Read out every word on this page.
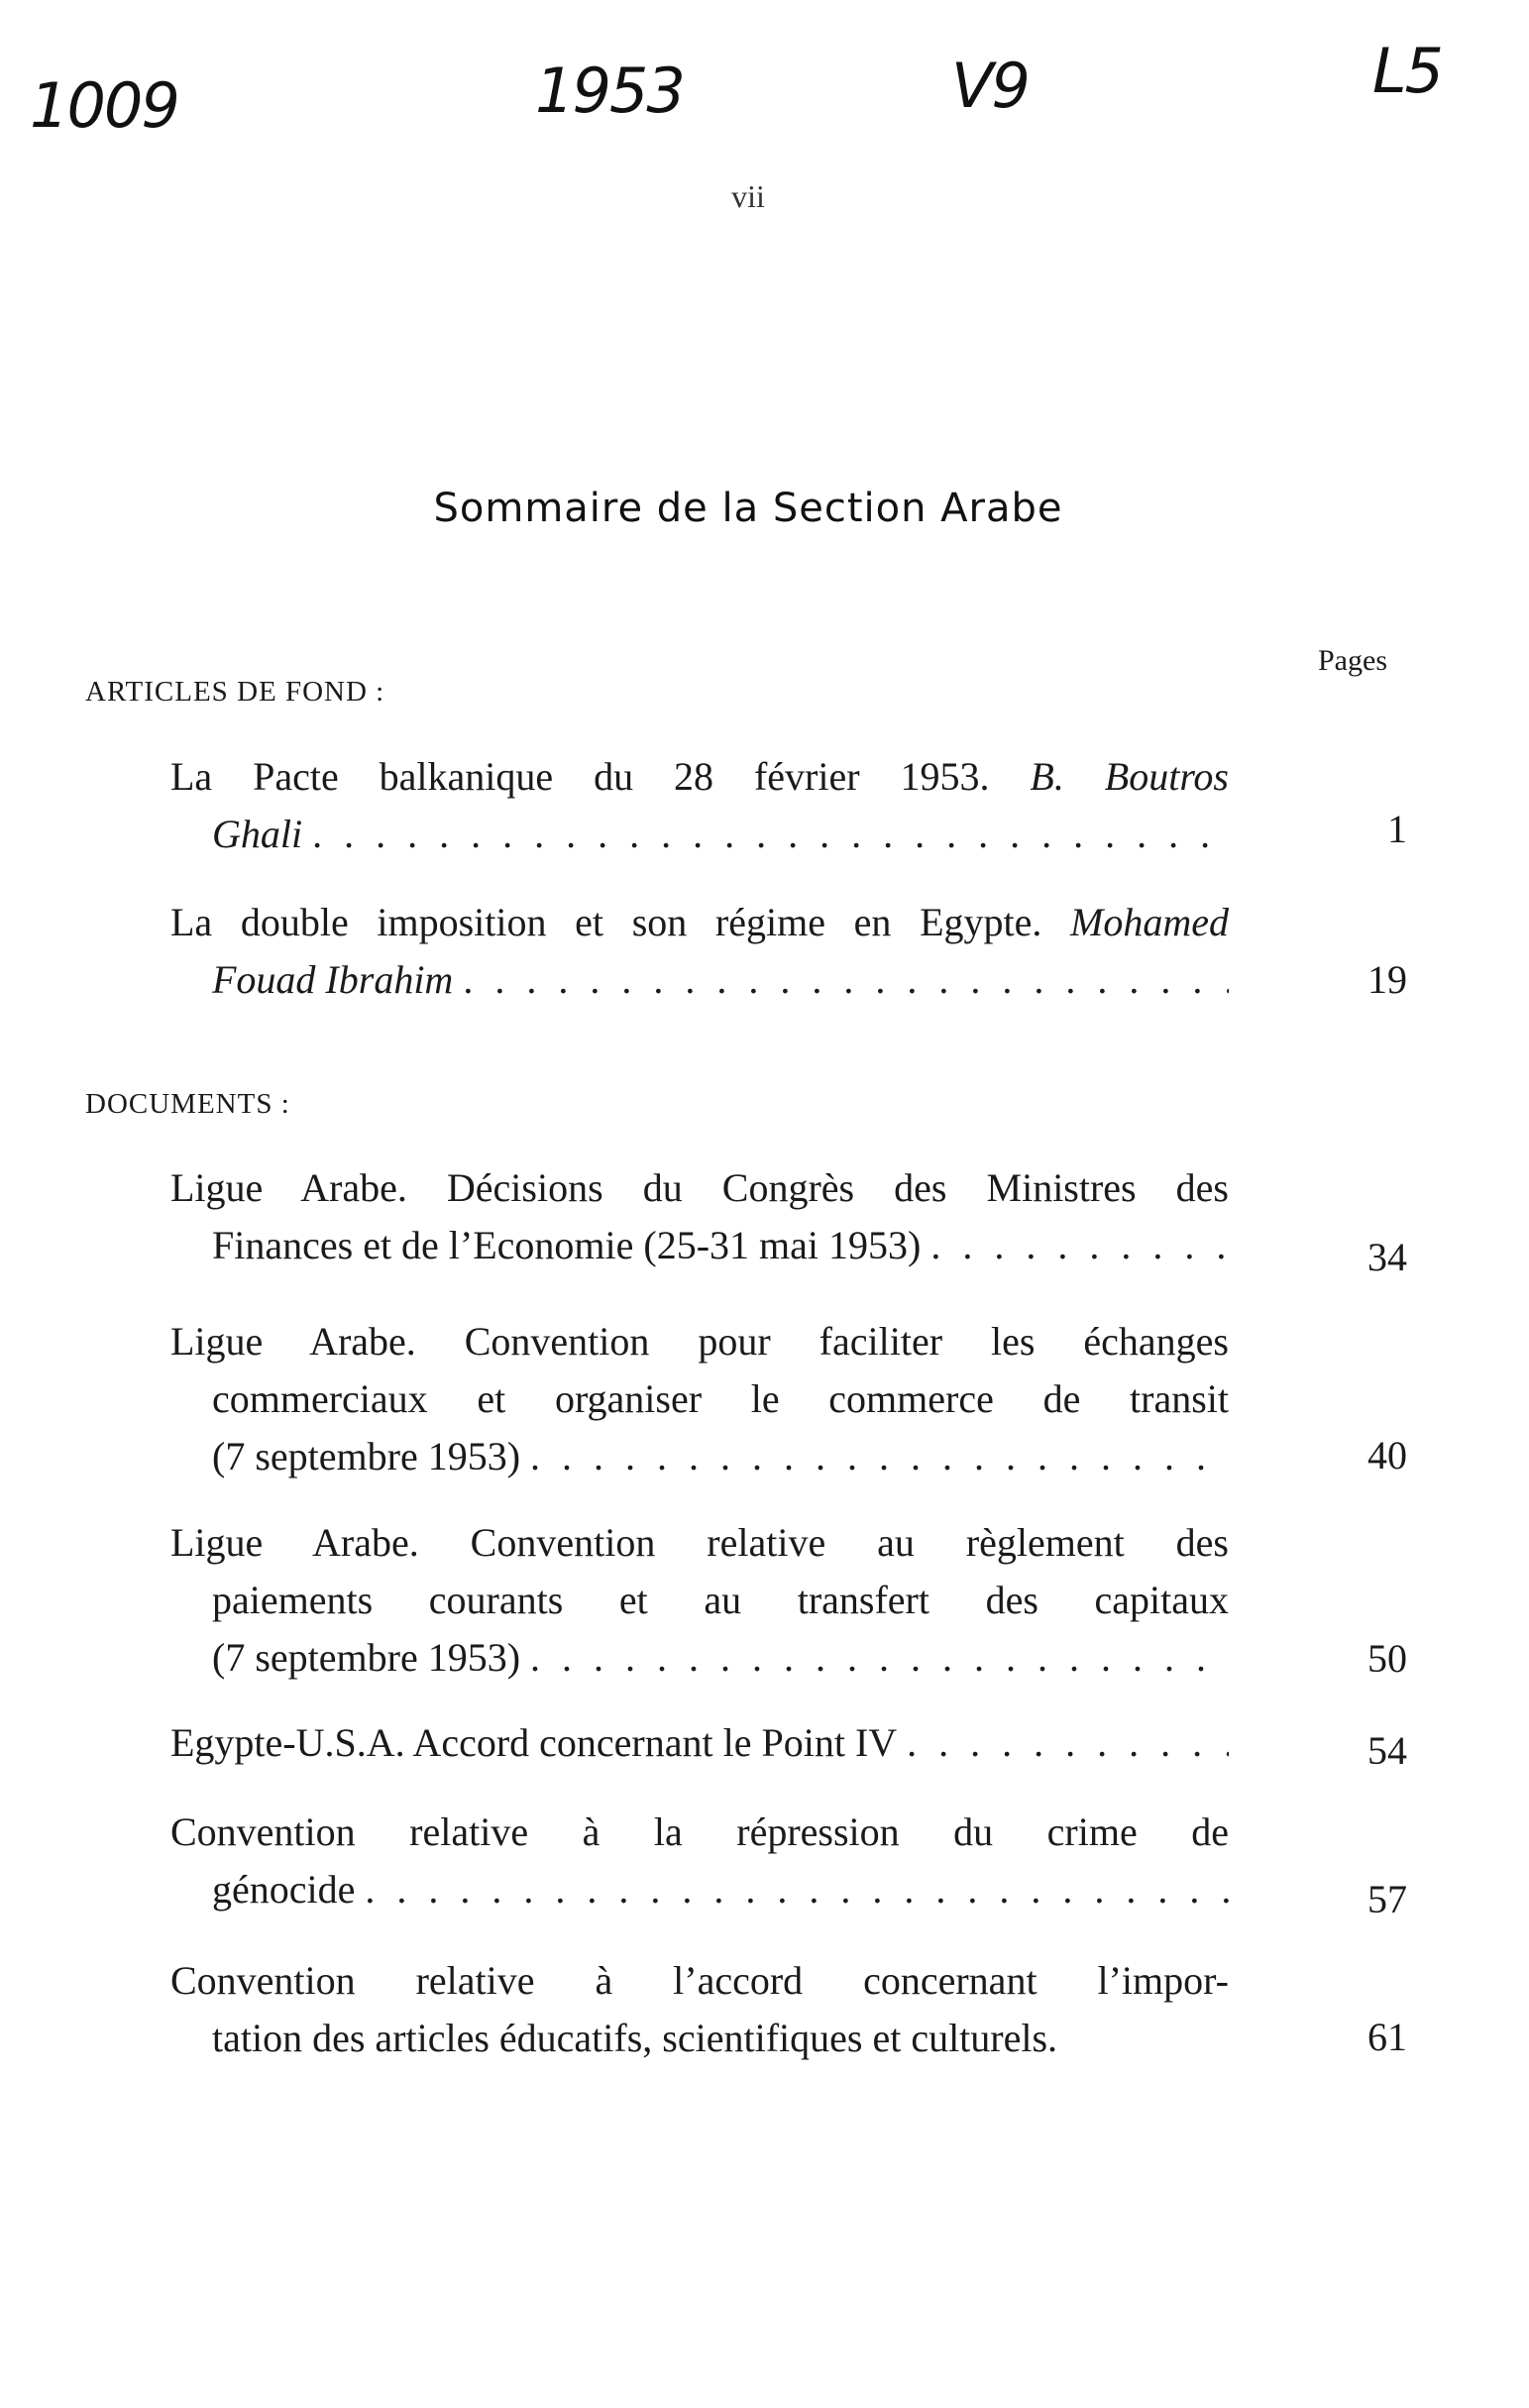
1009	1953	V9	L5
vii
Sommaire de la Section Arabe
Pages
ARTICLES DE FOND :
La Pacte balkanique du 28 février 1953. B. Boutros
Ghali . . .	1
La double imposition et son régime en Egypte. Mohamed
Fouad Ibrahim . . .	19
DOCUMENTS :
Ligue Arabe. Décisions du Congrès des Ministres des
Finances et de l’Economie (25-31 mai 1953) . . .	34
Ligue Arabe. Convention pour faciliter les échanges
commerciaux et organiser le commerce de transit
(7 septembre 1953) . . .	40
Ligue Arabe. Convention relative au règlement des
paiements courants et au transfert des capitaux
(7 septembre 1953) . . .	50
Egypte-U.S.A. Accord concernant le Point IV . . .	54
Convention relative à la répression du crime de
génocide . . .	57
Convention relative à l’accord concernant l’impor-
tation des articles éducatifs, scientifiques et culturels.	61
